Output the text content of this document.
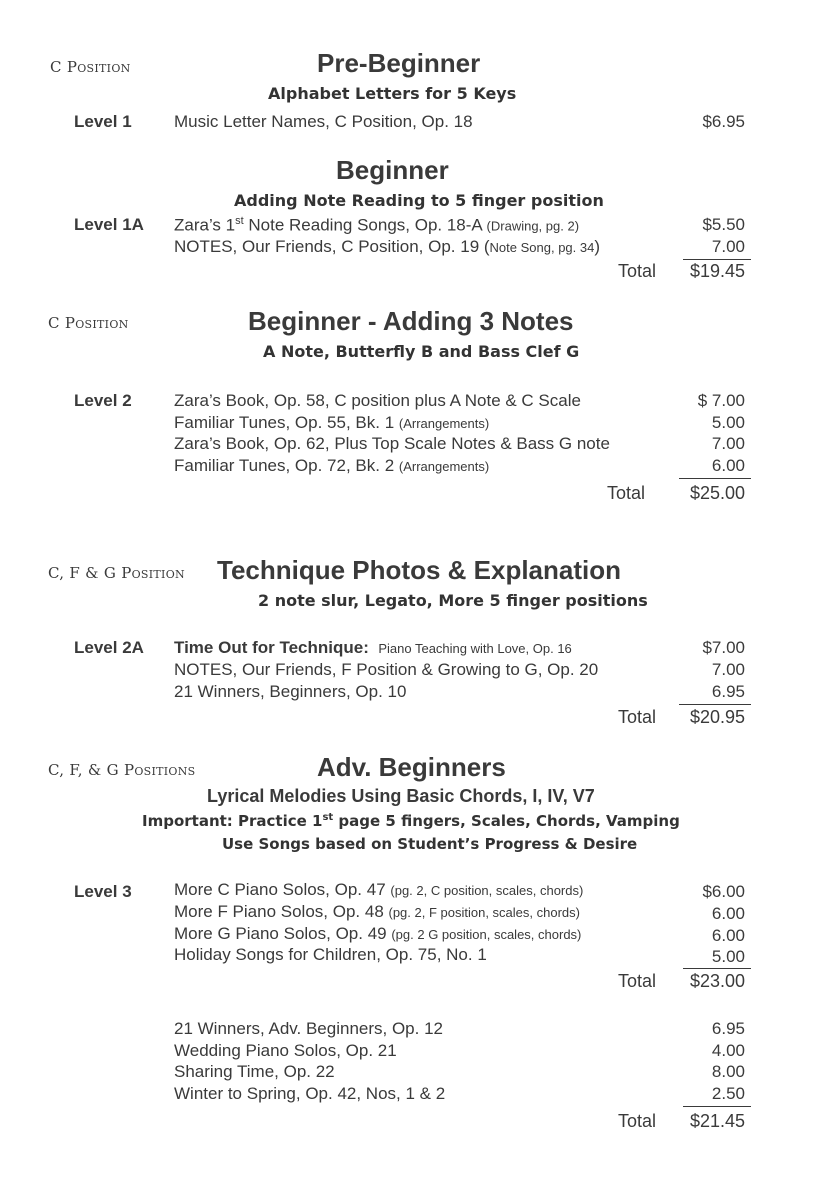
C Position	Pre-Beginner
Alphabet Letters for 5 Keys
Level 1 Music Letter Names, C Position, Op. 18	$6.95
Beginner
Adding Note Reading to 5 finger position
Level 1A Zara’s 1st Note Reading Songs, Op. 18-A (Drawing, pg. 2)	$5.50
NOTES, Our Friends, C Position, Op. 19 (Note Song, pg. 34)	7.00
Total	$19.45
C Position	Beginner - Adding 3 Notes
A Note, Butterfly B and Bass Clef G
Level 2 Zara’s Book, Op. 58, C position plus A Note & C Scale	$ 7.00
Familiar Tunes, Op. 55, Bk. 1 (Arrangements)	5.00
Zara’s Book, Op. 62, Plus Top Scale Notes & Bass G note	7.00
Familiar Tunes, Op. 72, Bk. 2 (Arrangements)	6.00
Total	$25.00
C, F & G Position Technique Photos & Explanation
2 note slur, Legato, More 5 finger positions
Level 2A Time Out for Technique: Piano Teaching with Love, Op. 16	$7.00
NOTES, Our Friends, F Position & Growing to G, Op. 20	7.00
21 Winners, Beginners, Op. 10	6.95
Total	$20.95
C, F, & G Positions	Adv. Beginners
Lyrical Melodies Using Basic Chords, I, IV, V7
Important: Practice 1st page 5 fingers, Scales, Chords, Vamping
Use Songs based on Student’s Progress & Desire
Level 3 More C Piano Solos, Op. 47 (pg. 2, C position, scales, chords)	$6.00
More F Piano Solos, Op. 48 (pg. 2, F position, scales, chords)	6.00
More G Piano Solos, Op. 49 (pg. 2 G position, scales, chords)	6.00
Holiday Songs for Children, Op. 75, No. 1	5.00
Total	$23.00
21 Winners, Adv. Beginners, Op. 12	6.95
Wedding Piano Solos, Op. 21	4.00
Sharing Time, Op. 22	8.00
Winter to Spring, Op. 42, Nos, 1 & 2	2.50
Total	$21.45
